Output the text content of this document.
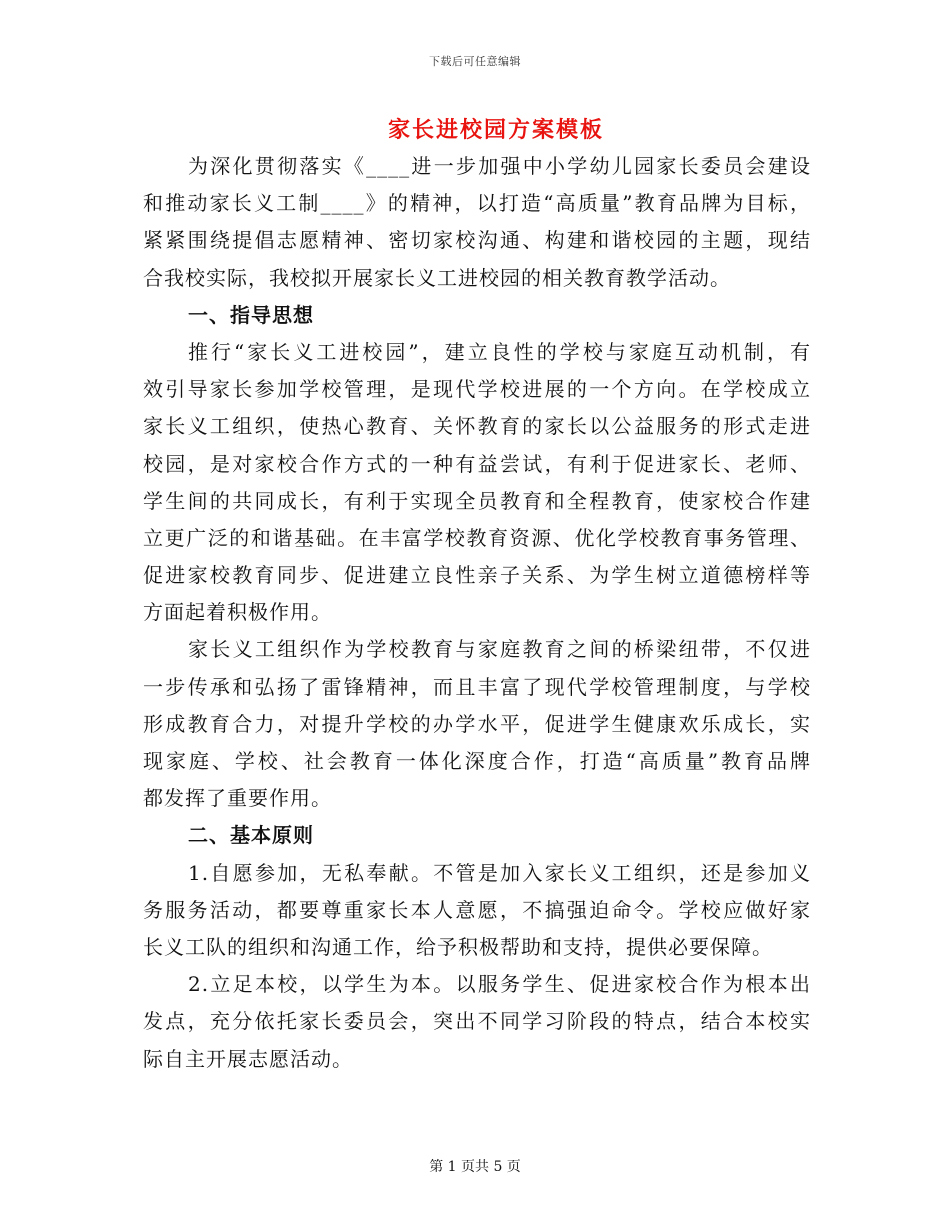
下载后可任意编辑
家长进校园方案模板
为深化贯彻落实《____进一步加强中小学幼儿园家长委员会建设
和推动家长义工制____》的精神，以打造“高质量”教育品牌为目标，
紧紧围绕提倡志愿精神、密切家校沟通、构建和谐校园的主题，现结
合我校实际，我校拟开展家长义工进校园的相关教育教学活动。
一、指导思想
推行“家长义工进校园”，建立良性的学校与家庭互动机制，有
效引导家长参加学校管理，是现代学校进展的一个方向。在学校成立
家长义工组织，使热心教育、关怀教育的家长以公益服务的形式走进
校园，是对家校合作方式的一种有益尝试，有利于促进家长、老师、
学生间的共同成长，有利于实现全员教育和全程教育，使家校合作建
立更广泛的和谐基础。在丰富学校教育资源、优化学校教育事务管理、
促进家校教育同步、促进建立良性亲子关系、为学生树立道德榜样等
方面起着积极作用。
家长义工组织作为学校教育与家庭教育之间的桥梁纽带，不仅进
一步传承和弘扬了雷锋精神，而且丰富了现代学校管理制度，与学校
形成教育合力，对提升学校的办学水平，促进学生健康欢乐成长，实
现家庭、学校、社会教育一体化深度合作，打造“高质量”教育品牌
都发挥了重要作用。
二、基本原则
1.自愿参加，无私奉献。不管是加入家长义工组织，还是参加义
务服务活动，都要尊重家长本人意愿，不搞强迫命令。学校应做好家
长义工队的组织和沟通工作，给予积极帮助和支持，提供必要保障。
2.立足本校，以学生为本。以服务学生、促进家校合作为根本出
发点，充分依托家长委员会，突出不同学习阶段的特点，结合本校实
际自主开展志愿活动。
第 1 页共 5 页
